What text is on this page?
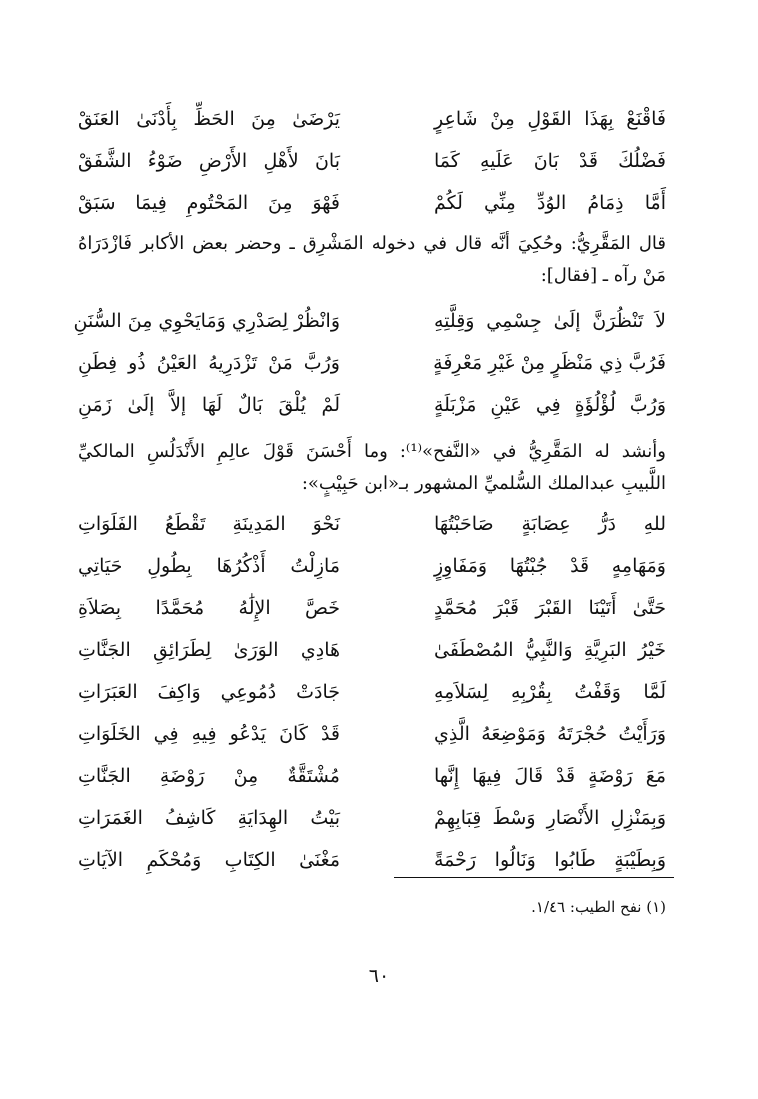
فَاقْنَعْ بِهَذَا القَوْلِ مِنْ شَاعِرٍ
يَرْضَىٰ مِنَ الحَظِّ بِأَدْنَىٰ العَنَقْ
فَضْلُكَ قَدْ بَانَ عَلَيهِ كَمَا
بَانَ لأَهْلِ الأَرْضِ ضَوْءُ الشَّفَقْ
أَمَّا ذِمَامُ الوُدِّ مِنِّي لَكُمْ
فَهْوَ مِنَ المَحْتُومِ فِيمَا سَبَقْ
قال المَقَّرِيُّ: وحُكِيَ أنَّه قال في دخوله المَشْرِق ـ وحضر بعض الأكابر فَازْدَرَاهُ
مَنْ رآه ـ [فقال]:
لاَ تَنْظُرَنَّ إلَىٰ جِسْمِي وَقِلَّتِهِ
وَانْظُرْ لِصَدْرِي وَمَايَحْوِي مِنَ السُّنَنِ
فَرُبَّ ذِي مَنْظَرٍ مِنْ غَيْرِ مَعْرِفَةٍ
وَرُبَّ مَنْ تَزْدَرِيهُ العَيْنُ ذُو فِطَنِ
وَرُبَّ لُؤْلُؤَةٍ فِي عَيْنِ مَزْبَلَةٍ
لَمْ يُلْقَ بَالٌ لَهَا إلاَّ إلَىٰ زَمَنِ
وأنشد له المَقَّرِيُّ في «النَّفح»⁽¹⁾: وما أَحْسَنَ قَوْلَ عالِمِ الأَنْدَلُسِ المالكيِّ
اللَّبيبِ عبدالملك السُّلميِّ المشهور بـ«ابن حَبِيْبٍ»:
للهِ دَرُّ عِصَابَةٍ صَاحَبْتُهَا
نَحْوَ المَدِينَةِ تَقْطَعُ الفَلَوَاتِ
وَمَهَامِهٍ قَدْ جُبْتُهَا وَمَفَاوِزٍ
مَازِلْتُ أَذْكُرُهَا بِطُولِ حَيَاتِي
حَتَّىٰ أَتَيْنَا القَبْرَ قَبْرَ مُحَمَّدٍ
خَصَّ الإِلَٰهُ مُحَمَّدًا بِصَلاَةِ
خَيْرُ البَرِيَّةِ وَالنَّبِيُّ المُصْطَفَىٰ
هَادِي الوَرَىٰ لِطَرَائِقِ الجَنَّاتِ
لَمَّا وَقَفْتُ بِقُرْبِهِ لِسَلاَمِهِ
جَادَتْ دُمُوعِي وَاكِفَ العَبَرَاتِ
وَرَأَيْتُ حُجْرَتَهُ وَمَوْضِعَهُ الَّذِي
قَدْ كَانَ يَدْعُو فِيهِ فِي الخَلَوَاتِ
مَعَ رَوْضَةٍ قَدْ قَالَ فِيهَا إِنَّها
مُشْتَقَّةٌ مِنْ رَوْضَةِ الجَنَّاتِ
وَبِمَنْزِلِ الأَنْصَارِ وَسْطَ قِبَابِهِمْ
بَيْتُ الهِدَايَةِ كَاشِفُ الغَمَرَاتِ
وَبِطَيْبَةٍ طَابُوا وَنَالُوا رَحْمَةً
مَغْنَىٰ الكِتَابِ وَمُحْكَمِ الآيَاتِ
(١) نفح الطيب: ١/٤٦.
٦٠
